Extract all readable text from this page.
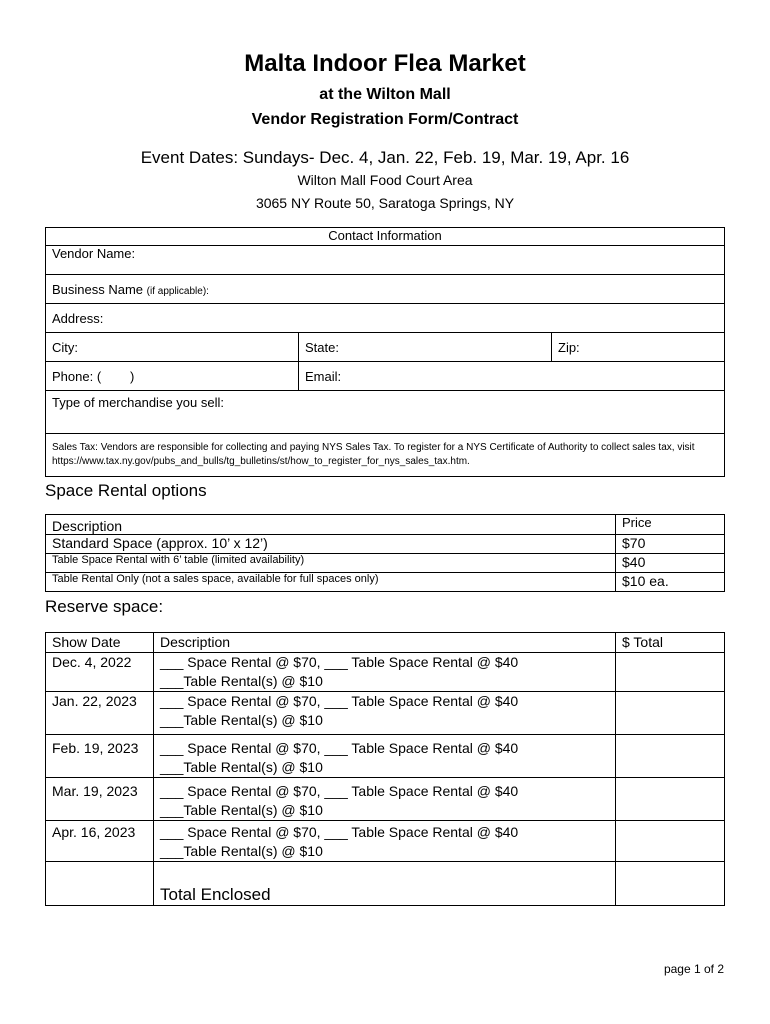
Malta Indoor Flea Market
at the Wilton Mall
Vendor Registration Form/Contract
Event Dates: Sundays- Dec. 4, Jan. 22, Feb. 19, Mar. 19, Apr. 16
Wilton Mall Food Court Area
3065 NY Route 50, Saratoga Springs, NY
Contact Information		
Vendor Name:		
Business Name (if applicable):		
Address:		
City:	State:	Zip:
Phone: (        )	Email:	
Type of merchandise you sell:		
Sales Tax: Vendors are responsible for collecting and paying NYS Sales Tax. To register for a NYS Certificate of Authority to collect sales tax, visit https://www.tax.ny.gov/pubs_and_bulls/tg_bulletins/st/how_to_register_for_nys_sales_tax.htm.		
Space Rental options
Description	Price
Standard Space (approx. 10’ x 12’)	$70
Table Space Rental with 6’ table (limited availability)	$40
Table Rental Only (not a sales space, available for full spaces only)	$10 ea.
Reserve space:
Show Date	Description	$ Total
Dec. 4, 2022	___ Space Rental @ $70, ___ Table Space Rental @ $40
___Table Rental(s) @ $10	

Jan. 22, 2023	___ Space Rental @ $70, ___ Table Space Rental @ $40
___Table Rental(s) @ $10	

Feb. 19, 2023	___ Space Rental @ $70, ___ Table Space Rental @ $40
___Table Rental(s) @ $10	

Mar. 19, 2023	___ Space Rental @ $70, ___ Table Space Rental @ $40
___Table Rental(s) @ $10	

Apr. 16, 2023	___ Space Rental @ $70, ___ Table Space Rental @ $40
___Table Rental(s) @ $10	

	Total Enclosed	
page 1 of 2
